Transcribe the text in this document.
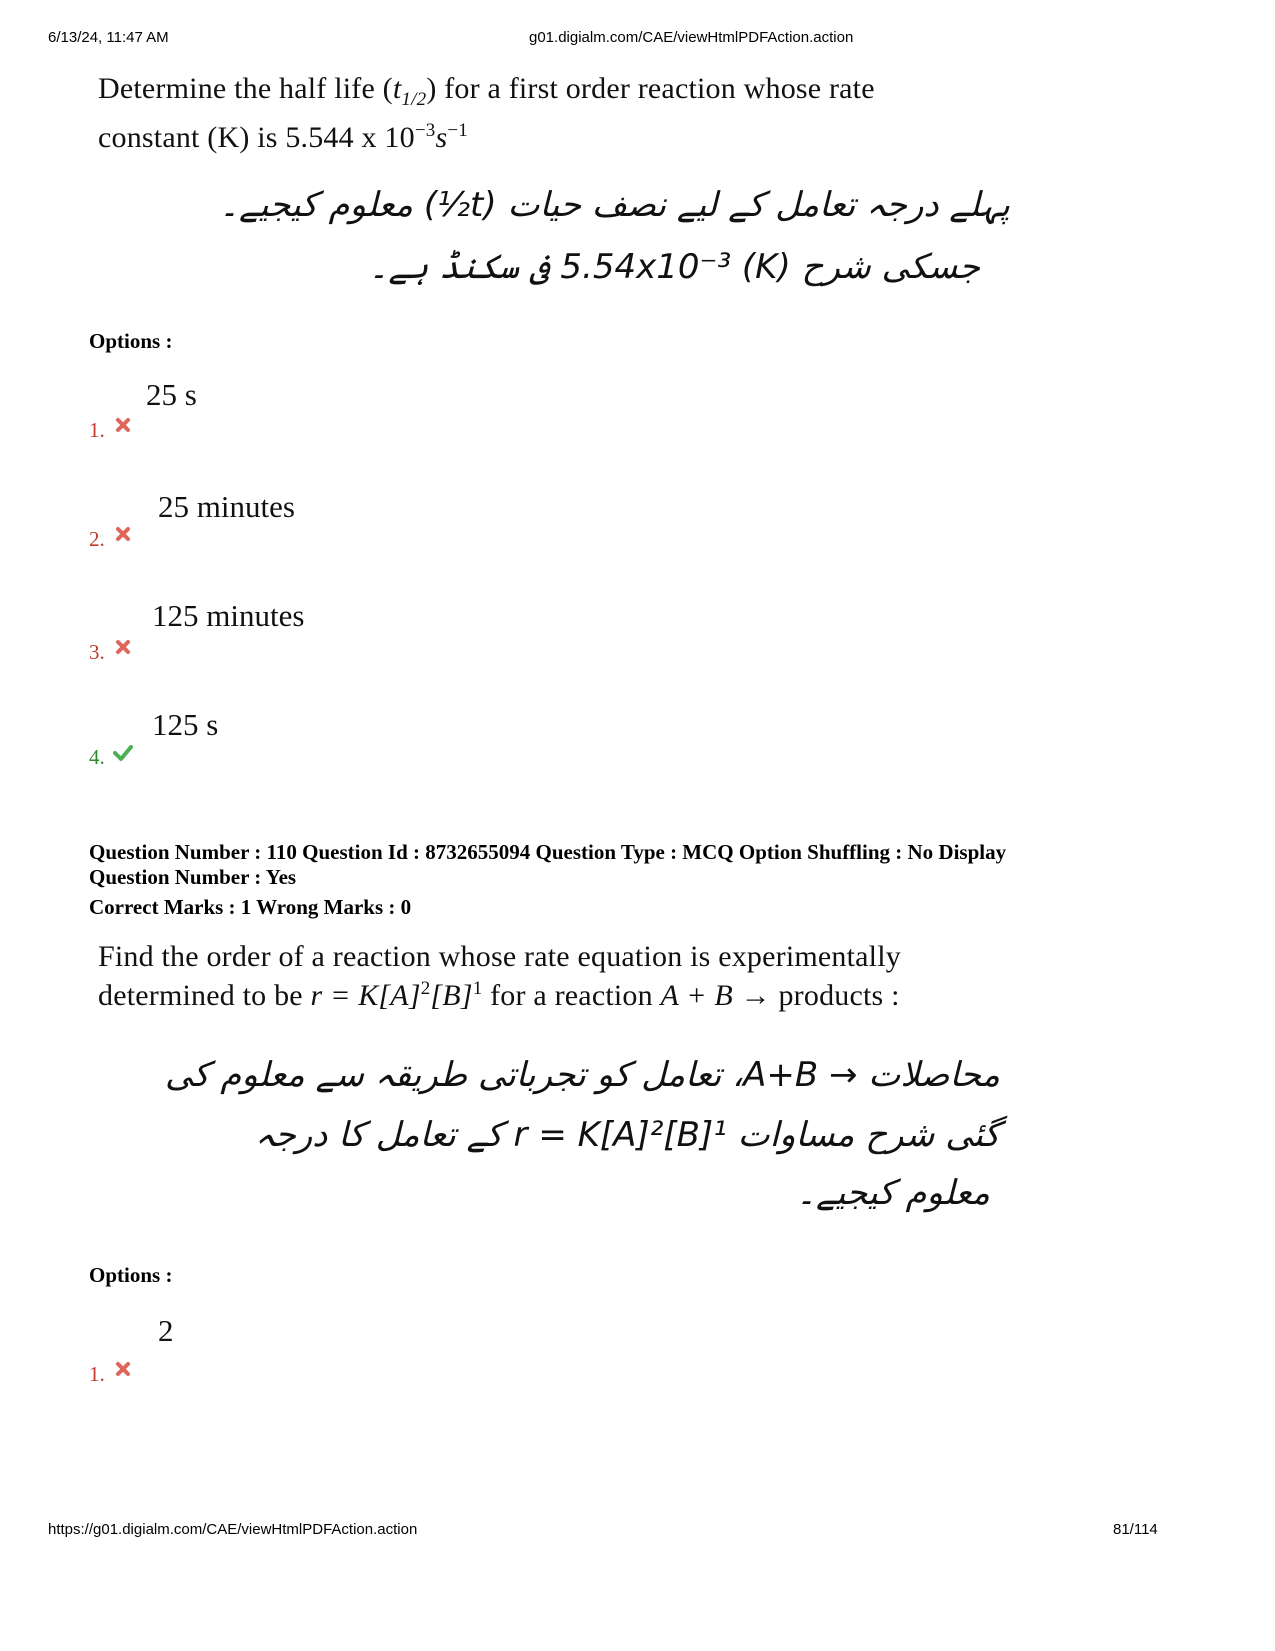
6/13/24, 11:47 AM	g01.digialm.com/CAE/viewHtmlPDFAction.action
Determine the half life $(t_{1/2})$ for a first order reaction whose rate
constant (K) is 5.544 x $10^{-3}s^{-1}$
پہلے درجہ تعامل کے لیے نصف حیات (t½) معلوم کیجیے۔
جسکی شرح (K) 5.54x10⁻³ فی سکنڈ ہے۔
Options :
25 s
1.
25 minutes
2.
125 minutes
3.
125 s
4.
Question Number : 110 Question Id : 8732655094 Question Type : MCQ Option Shuffling : No Display
Question Number : Yes
Correct Marks : 1 Wrong Marks : 0
Find the order of a reaction whose rate equation is experimentally
determined to be $r = K[A]^2[B]^1$ for a reaction A + B → products :
محاصلات → A+B، تعامل کو تجرباتی طریقہ سے معلوم کی
گئی شرح مساوات r = K[A]²[B]¹ کے تعامل کا درجہ
معلوم کیجیے۔
Options :
2
1.
https://g01.digialm.com/CAE/viewHtmlPDFAction.action	81/114
